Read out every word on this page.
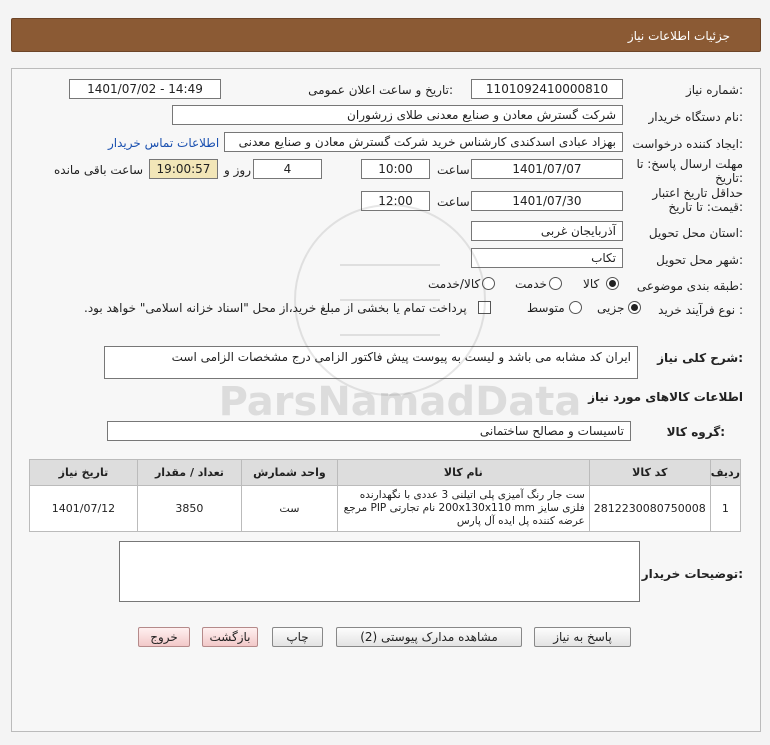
جزئیات اطلاعات نیاز
شماره نیاز:
1101092410000810
تاریخ و ساعت اعلان عمومی:
1401/07/02 - 14:49
نام دستگاه خریدار:
شرکت گسترش معادن و صنایع معدنی طلای زرشوران
ایجاد کننده درخواست:
بهزاد عبادی اسدکندی کارشناس خرید شرکت گسترش معادن و صنایع معدنی
اطلاعات تماس خریدار
مهلت ارسال پاسخ: تا
تاریخ:
1401/07/07
ساعت
10:00
4
روز و
19:00:57
ساعت باقی مانده
حداقل تاریخ اعتبار
قیمت: تا تاریخ:
1401/07/30
ساعت
12:00
استان محل تحویل:
آذربایجان غربی
شهر محل تحویل:
تکاب
طبقه بندی موضوعی:
کالا
خدمت
کالا/خدمت
نوع فرآیند خرید :
جزیی
متوسط
پرداخت تمام یا بخشی از مبلغ خرید،از محل "اسناد خزانه اسلامی" خواهد بود.
شرح کلی نیاز:
ایران کد مشابه می باشد و لیست به پیوست پیش فاکتور الزامی درج مشخصات الزامی است
اطلاعات کالاهای مورد نیاز
گروه کالا:
تاسیسات و مصالح ساختمانی
ردیف	کد کالا	نام کالا	واحد شمارش	تعداد / مقدار	تاریخ نیاز
1	2812230080750008	ست جار رنگ آمیزی پلی اتیلنی 3 عددی با نگهدارنده فلزی سایز 200x130x110 mm نام تجارتی PIP مرجع عرضه کننده پل ایده آل پارس	ست	3850	1401/07/12
توضیحات خریدار:
پاسخ به نیاز
مشاهده مدارک پیوستی (2)
چاپ
بازگشت
خروج
